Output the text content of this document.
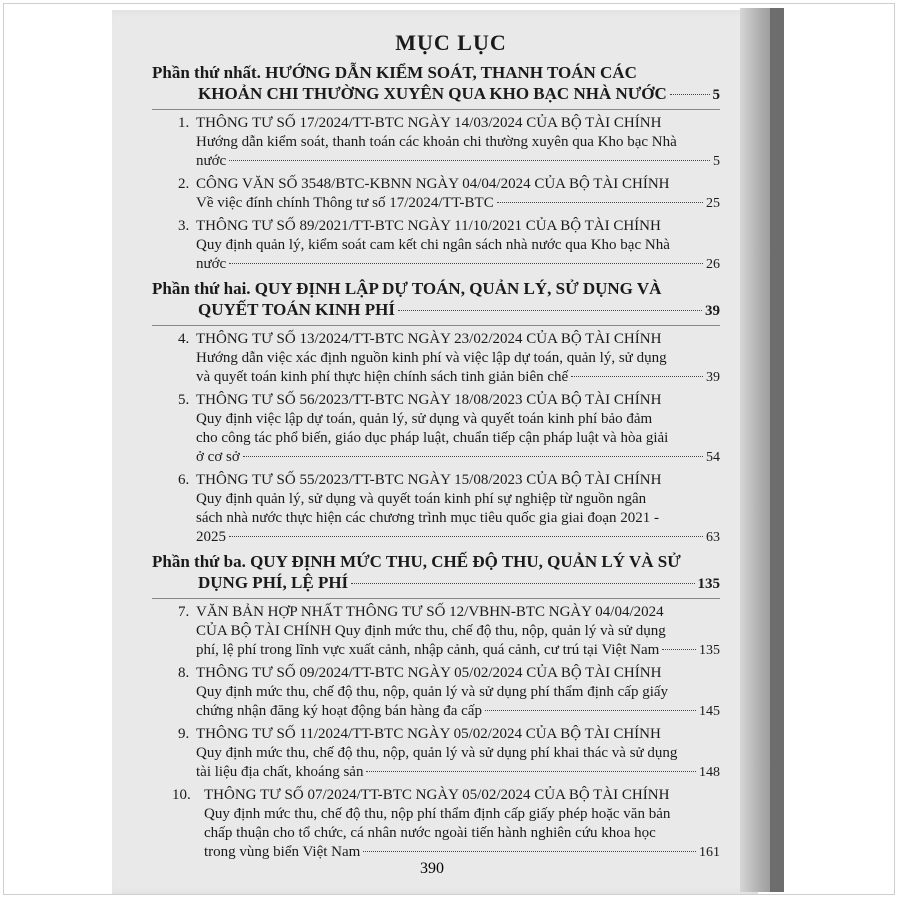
MỤC LỤC
Phần thứ nhất. HƯỚNG DẪN KIỂM SOÁT, THANH TOÁN CÁC
KHOẢN CHI THƯỜNG XUYÊN QUA KHO BẠC NHÀ NƯỚC	5
1. THÔNG TƯ SỐ 17/2024/TT-BTC NGÀY 14/03/2024 CỦA BỘ TÀI CHÍNH
Hướng dẫn kiểm soát, thanh toán các khoản chi thường xuyên qua Kho bạc Nhà
nước	5
2. CÔNG VĂN SỐ 3548/BTC-KBNN NGÀY 04/04/2024 CỦA BỘ TÀI CHÍNH
Về việc đính chính Thông tư số 17/2024/TT-BTC	25
3. THÔNG TƯ SỐ 89/2021/TT-BTC NGÀY 11/10/2021 CỦA BỘ TÀI CHÍNH
Quy định quản lý, kiểm soát cam kết chi ngân sách nhà nước qua Kho bạc Nhà
nước	26
Phần thứ hai. QUY ĐỊNH LẬP DỰ TOÁN, QUẢN LÝ, SỬ DỤNG VÀ
QUYẾT TOÁN KINH PHÍ	39
4. THÔNG TƯ SỐ 13/2024/TT-BTC NGÀY 23/02/2024 CỦA BỘ TÀI CHÍNH
Hướng dẫn việc xác định nguồn kinh phí và việc lập dự toán, quản lý, sử dụng
và quyết toán kinh phí thực hiện chính sách tinh giản biên chế	39
5. THÔNG TƯ SỐ 56/2023/TT-BTC NGÀY 18/08/2023 CỦA BỘ TÀI CHÍNH
Quy định việc lập dự toán, quản lý, sử dụng và quyết toán kinh phí bảo đảm
cho công tác phổ biến, giáo dục pháp luật, chuẩn tiếp cận pháp luật và hòa giải
ở cơ sở	54
6. THÔNG TƯ SỐ 55/2023/TT-BTC NGÀY 15/08/2023 CỦA BỘ TÀI CHÍNH
Quy định quản lý, sử dụng và quyết toán kinh phí sự nghiệp từ nguồn ngân
sách nhà nước thực hiện các chương trình mục tiêu quốc gia giai đoạn 2021 -
2025	63
Phần thứ ba. QUY ĐỊNH MỨC THU, CHẾ ĐỘ THU, QUẢN LÝ VÀ SỬ
DỤNG PHÍ, LỆ PHÍ	135
7. VĂN BẢN HỢP NHẤT THÔNG TƯ SỐ 12/VBHN-BTC NGÀY 04/04/2024
CỦA BỘ TÀI CHÍNH Quy định mức thu, chế độ thu, nộp, quản lý và sử dụng
phí, lệ phí trong lĩnh vực xuất cảnh, nhập cảnh, quá cảnh, cư trú tại Việt Nam	135
8. THÔNG TƯ SỐ 09/2024/TT-BTC NGÀY 05/02/2024 CỦA BỘ TÀI CHÍNH
Quy định mức thu, chế độ thu, nộp, quản lý và sử dụng phí thẩm định cấp giấy
chứng nhận đăng ký hoạt động bán hàng đa cấp	145
9. THÔNG TƯ SỐ 11/2024/TT-BTC NGÀY 05/02/2024 CỦA BỘ TÀI CHÍNH
Quy định mức thu, chế độ thu, nộp, quản lý và sử dụng phí khai thác và sử dụng
tài liệu địa chất, khoáng sản	148
10. THÔNG TƯ SỐ 07/2024/TT-BTC NGÀY 05/02/2024 CỦA BỘ TÀI CHÍNH
Quy định mức thu, chế độ thu, nộp phí thẩm định cấp giấy phép hoặc văn bản
chấp thuận cho tổ chức, cá nhân nước ngoài tiến hành nghiên cứu khoa học
trong vùng biển Việt Nam	161
390
